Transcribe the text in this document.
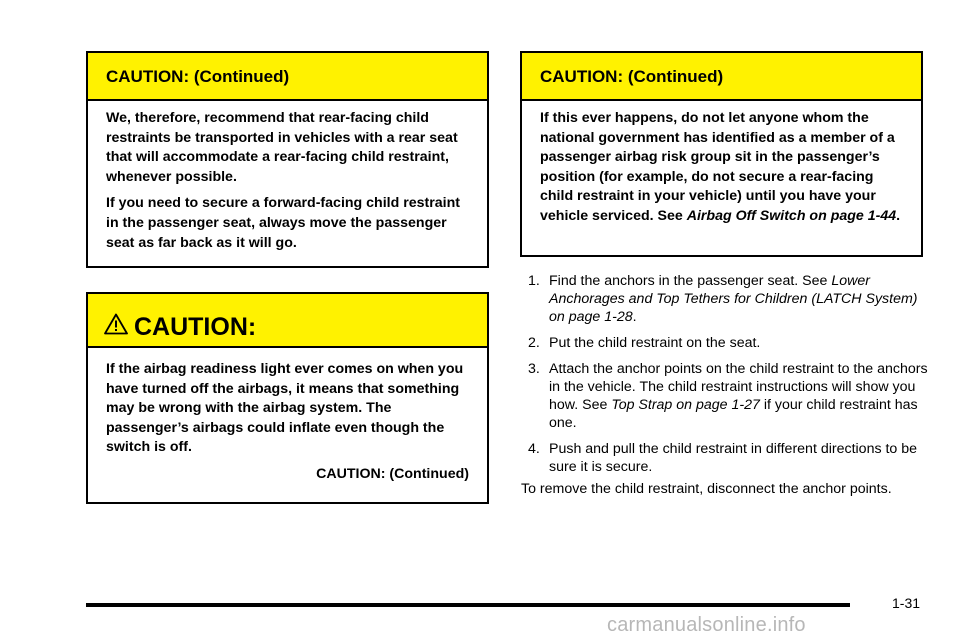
CAUTION: (Continued)

We, therefore, recommend that rear-facing child restraints be transported in vehicles with a rear seat that will accommodate a rear-facing child restraint, whenever possible.

If you need to secure a forward-facing child restraint in the passenger seat, always move the passenger seat as far back as it will go.

CAUTION:

If the airbag readiness light ever comes on when you have turned off the airbags, it means that something may be wrong with the airbag system. The passenger’s airbags could inflate even though the switch is off.

CAUTION: (Continued)

CAUTION: (Continued)

If this ever happens, do not let anyone whom the national government has identified as a member of a passenger airbag risk group sit in the passenger’s position (for example, do not secure a rear-facing child restraint in your vehicle) until you have your vehicle serviced. See Airbag Off Switch on page 1-44.

1. Find the anchors in the passenger seat. See Lower Anchorages and Top Tethers for Children (LATCH System) on page 1-28.
2. Put the child restraint on the seat.
3. Attach the anchor points on the child restraint to the anchors in the vehicle. The child restraint instructions will show you how. See Top Strap on page 1-27 if your child restraint has one.
4. Push and pull the child restraint in different directions to be sure it is secure.

To remove the child restraint, disconnect the anchor points.

1-31
carmanualsonline.info
